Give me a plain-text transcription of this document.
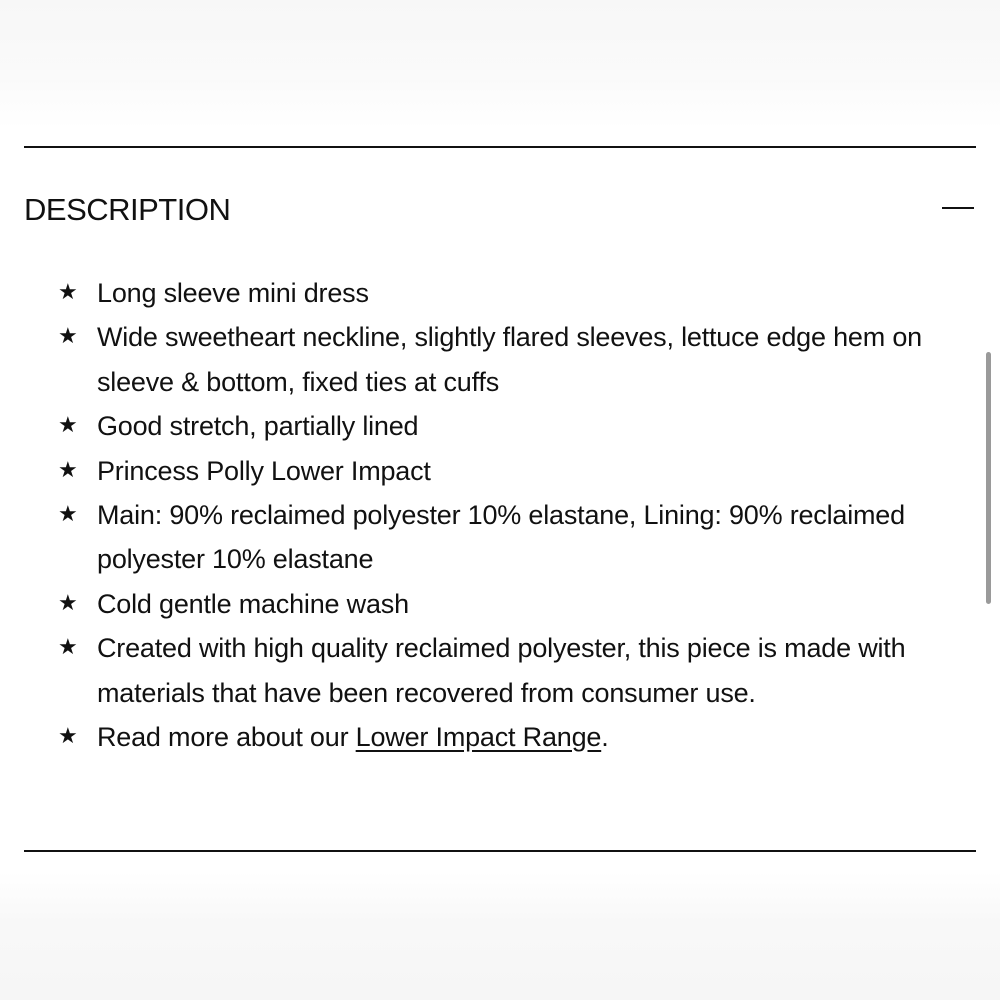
DESCRIPTION
★ Long sleeve mini dress
★ Wide sweetheart neckline, slightly flared sleeves, lettuce edge hem on sleeve & bottom, fixed ties at cuffs
★ Good stretch, partially lined
★ Princess Polly Lower Impact
★ Main: 90% reclaimed polyester 10% elastane, Lining: 90% reclaimed polyester 10% elastane
★ Cold gentle machine wash
★ Created with high quality reclaimed polyester, this piece is made with materials that have been recovered from consumer use.
★ Read more about our Lower Impact Range.
